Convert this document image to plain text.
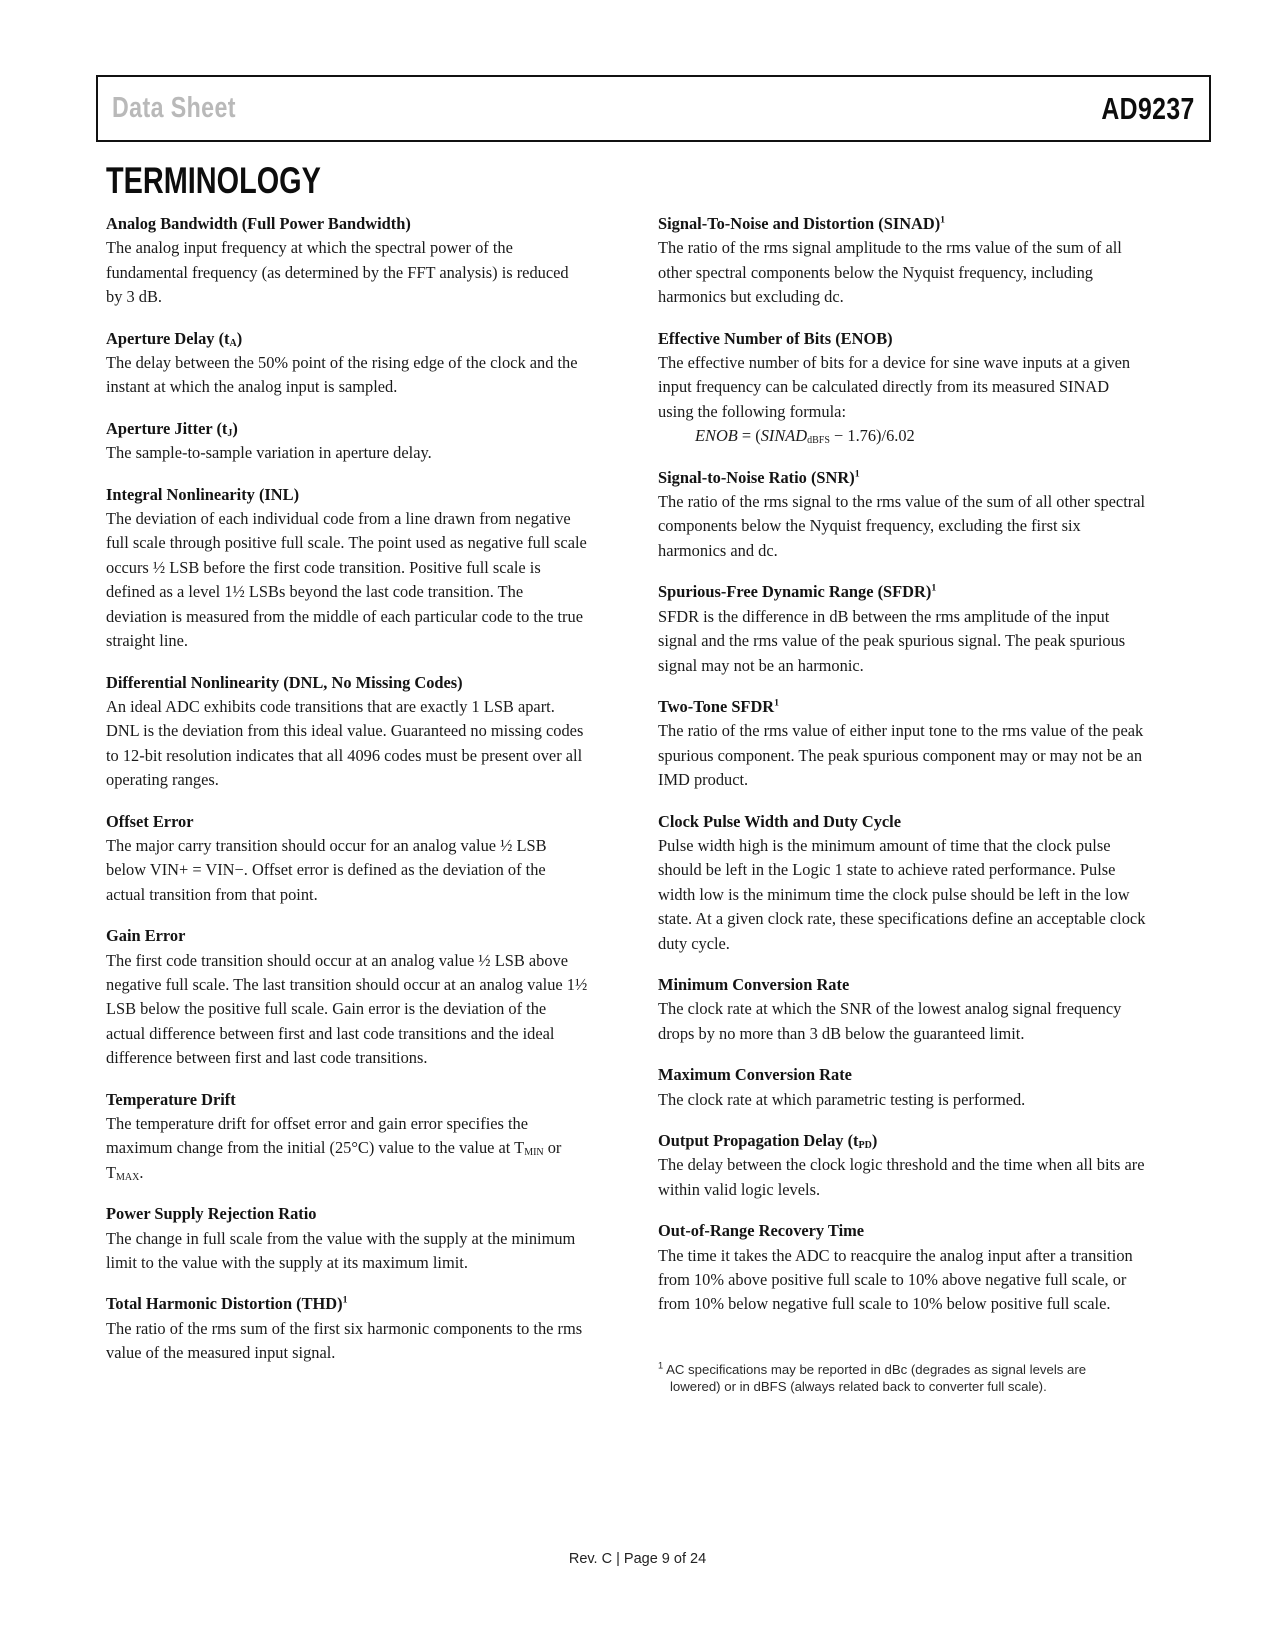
Data Sheet	AD9237
TERMINOLOGY
Analog Bandwidth (Full Power Bandwidth)

The analog input frequency at which the spectral power of the fundamental frequency (as determined by the FFT analysis) is reduced by 3 dB.

Aperture Delay $(t_A)$

The delay between the 50% point of the rising edge of the clock and the instant at which the analog input is sampled.

Aperture Jitter $(t_J)$

The sample-to-sample variation in aperture delay.

Integral Nonlinearity (INL)

The deviation of each individual code from a line drawn from negative full scale through positive full scale. The point used as negative full scale occurs ½ LSB before the first code transition. Positive full scale is defined as a level 1½ LSBs beyond the last code transition. The deviation is measured from the middle of each particular code to the true straight line.

Differential Nonlinearity (DNL, No Missing Codes)

An ideal ADC exhibits code transitions that are exactly 1 LSB apart. DNL is the deviation from this ideal value. Guaranteed no missing codes to 12-bit resolution indicates that all 4096 codes must be present over all operating ranges.

Offset Error

The major carry transition should occur for an analog value ½ LSB below VIN+ = VIN−. Offset error is defined as the deviation of the actual transition from that point.

Gain Error

The first code transition should occur at an analog value ½ LSB above negative full scale. The last transition should occur at an analog value 1½ LSB below the positive full scale. Gain error is the deviation of the actual difference between first and last code transitions and the ideal difference between first and last code transitions.

Temperature Drift

The temperature drift for offset error and gain error specifies the maximum change from the initial (25°C) value to the value at $T_{MIN}$ or $T_{MAX}$.

Power Supply Rejection Ratio

The change in full scale from the value with the supply at the minimum limit to the value with the supply at its maximum limit.

Total Harmonic Distortion (THD)$^1$

The ratio of the rms sum of the first six harmonic components to the rms value of the measured input signal.

Signal-To-Noise and Distortion (SINAD)$^1$

The ratio of the rms signal amplitude to the rms value of the sum of all other spectral components below the Nyquist frequency, including harmonics but excluding dc.

Effective Number of Bits (ENOB)

The effective number of bits for a device for sine wave inputs at a given input frequency can be calculated directly from its measured SINAD using the following formula:

ENOB = $(SINAD_{dBFS} - 1.76)/6.02$

Signal-to-Noise Ratio (SNR)$^1$

The ratio of the rms signal to the rms value of the sum of all other spectral components below the Nyquist frequency, excluding the first six harmonics and dc.

Spurious-Free Dynamic Range (SFDR)$^1$

SFDR is the difference in dB between the rms amplitude of the input signal and the rms value of the peak spurious signal. The peak spurious signal may not be an harmonic.

Two-Tone SFDR$^1$

The ratio of the rms value of either input tone to the rms value of the peak spurious component. The peak spurious component may or may not be an IMD product.

Clock Pulse Width and Duty Cycle

Pulse width high is the minimum amount of time that the clock pulse should be left in the Logic 1 state to achieve rated performance. Pulse width low is the minimum time the clock pulse should be left in the low state. At a given clock rate, these specifications define an acceptable clock duty cycle.

Minimum Conversion Rate

The clock rate at which the SNR of the lowest analog signal frequency drops by no more than 3 dB below the guaranteed limit.

Maximum Conversion Rate

The clock rate at which parametric testing is performed.

Output Propagation Delay $(t_{PD})$

The delay between the clock logic threshold and the time when all bits are within valid logic levels.

Out-of-Range Recovery Time

The time it takes the ADC to reacquire the analog input after a transition from 10% above positive full scale to 10% above negative full scale, or from 10% below negative full scale to 10% below positive full scale.

$^1$ AC specifications may be reported in dBc (degrades as signal levels are lowered) or in dBFS (always related back to converter full scale).
Rev. C | Page 9 of 24
